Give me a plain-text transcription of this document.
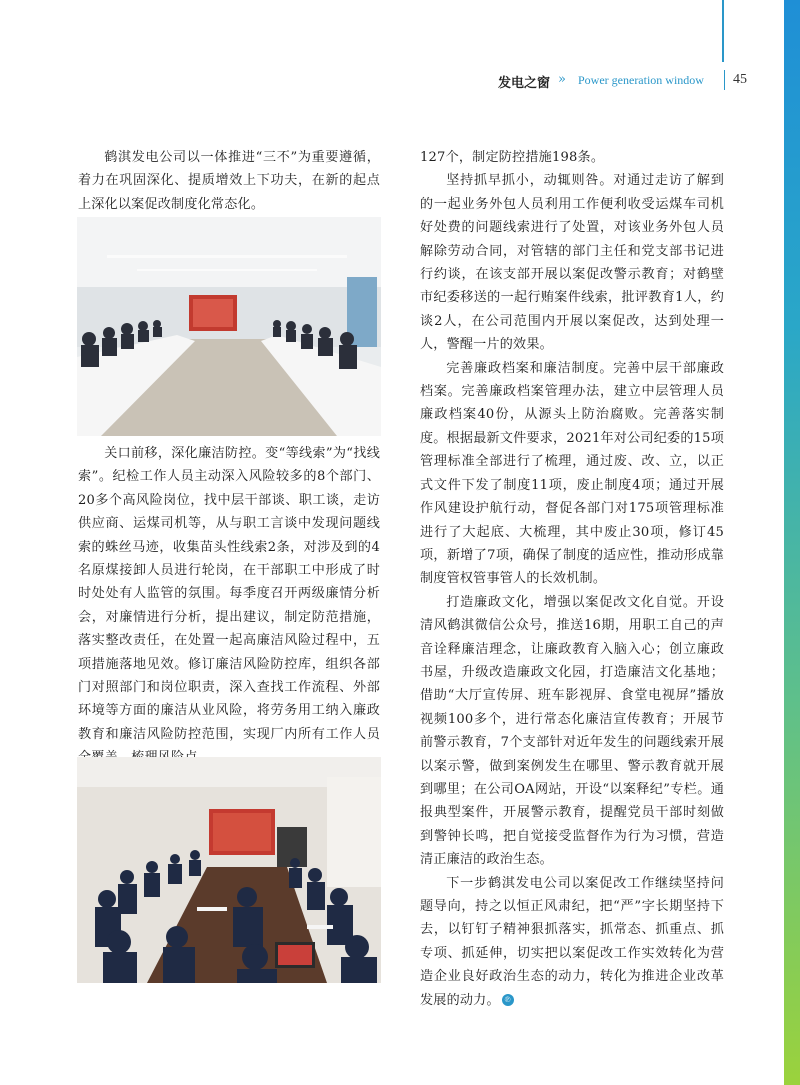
发电之窗 » Power generation window 45

鹤淇发电公司以一体推进“三不”为重要遵循，着力在巩固深化、提质增效上下功夫，在新的起点上深化以案促改制度化常态化。

关口前移，深化廉洁防控。变“等线索”为“找线索”。纪检工作人员主动深入风险较多的8个部门、20多个高风险岗位，找中层干部谈、职工谈，走访供应商、运煤司机等，从与职工言谈中发现问题线索的蛛丝马迹，收集苗头性线索2条，对涉及到的4名原煤接卸人员进行轮岗，在干部职工中形成了时时处处有人监管的氛围。每季度召开两级廉情分析会，对廉情进行分析，提出建议，制定防范措施，落实整改责任，在处置一起高廉洁风险过程中，五项措施落地见效。修订廉洁风险防控库，组织各部门对照部门和岗位职责，深入查找工作流程、外部环境等方面的廉洁从业风险，将劳务用工纳入廉政教育和廉洁风险防控范围，实现厂内所有工作人员

127个，制定防控措施198条。

坚持抓早抓小，动辄则咎。对通过走访了解到的一起业务外包人员利用工作便利收受运煤车司机好处费的问题线索进行了处置，对该业务外包人员解除劳动合同，对管辖的部门主任和党支部书记进行约谈，在该支部开展以案促改警示教育；对鹤壁市纪委移送的一起行贿案件线索，批评教育1人，约谈2人，在公司范围内开展以案促改，达到处理一人，警醒一片的效果。

完善廉政档案和廉洁制度。完善中层干部廉政档案。完善廉政档案管理办法，建立中层管理人员廉政档案40份，从源头上防治腐败。完善落实制度。根据最新文件要求，2021年对公司纪委的15项管理标准全部进行了梳理，通过废、改、立，以正式文件下发了制度11项，废止制度4项；通过开展作风建设护航行动，督促各部门对175项管理标准进行了大起底、大梳理，其中废止30项，修订45项，新增了7项，确保了制度的适应性，推动形成靠制度管权管事管人的长效机制。

打造廉政文化，增强以案促改文化自觉。开设清风鹤淇微信公众号，推送16期，用职工自己的声音诠释廉洁理念，让廉政教育入脑入心；创立廉政书屋，升级改造廉政文化园，打造廉洁文化基地；借助“大厅宣传屏、班车影视屏、食堂电视屏”播放视频100多个，进行常态化廉洁宣传教育；开展节前警示教育，7个支部针对近年发生的问题线索开展以案示警，做到案例发生在哪里、警示教育就开展到哪里；在公司OA网站，开设“以案释纪”专栏。通报典型案件，开展警示教育，提醒党员干部时刻做到警钟长鸣，把自觉接受监督作为行为习惯，营造清正廉洁的政治生态。

下一步鹤淇发电公司以案促改工作继续坚持问题导向，持之以恒正风肃纪，把“严”字长期坚持下去，以钉钉子精神狠抓落实，抓常态、抓重点、抓专项、抓延伸，切实把以案促改工作实效转化为营造企业良好政治生态的动力，转化为推进企业改革发展的动力。 ℗
